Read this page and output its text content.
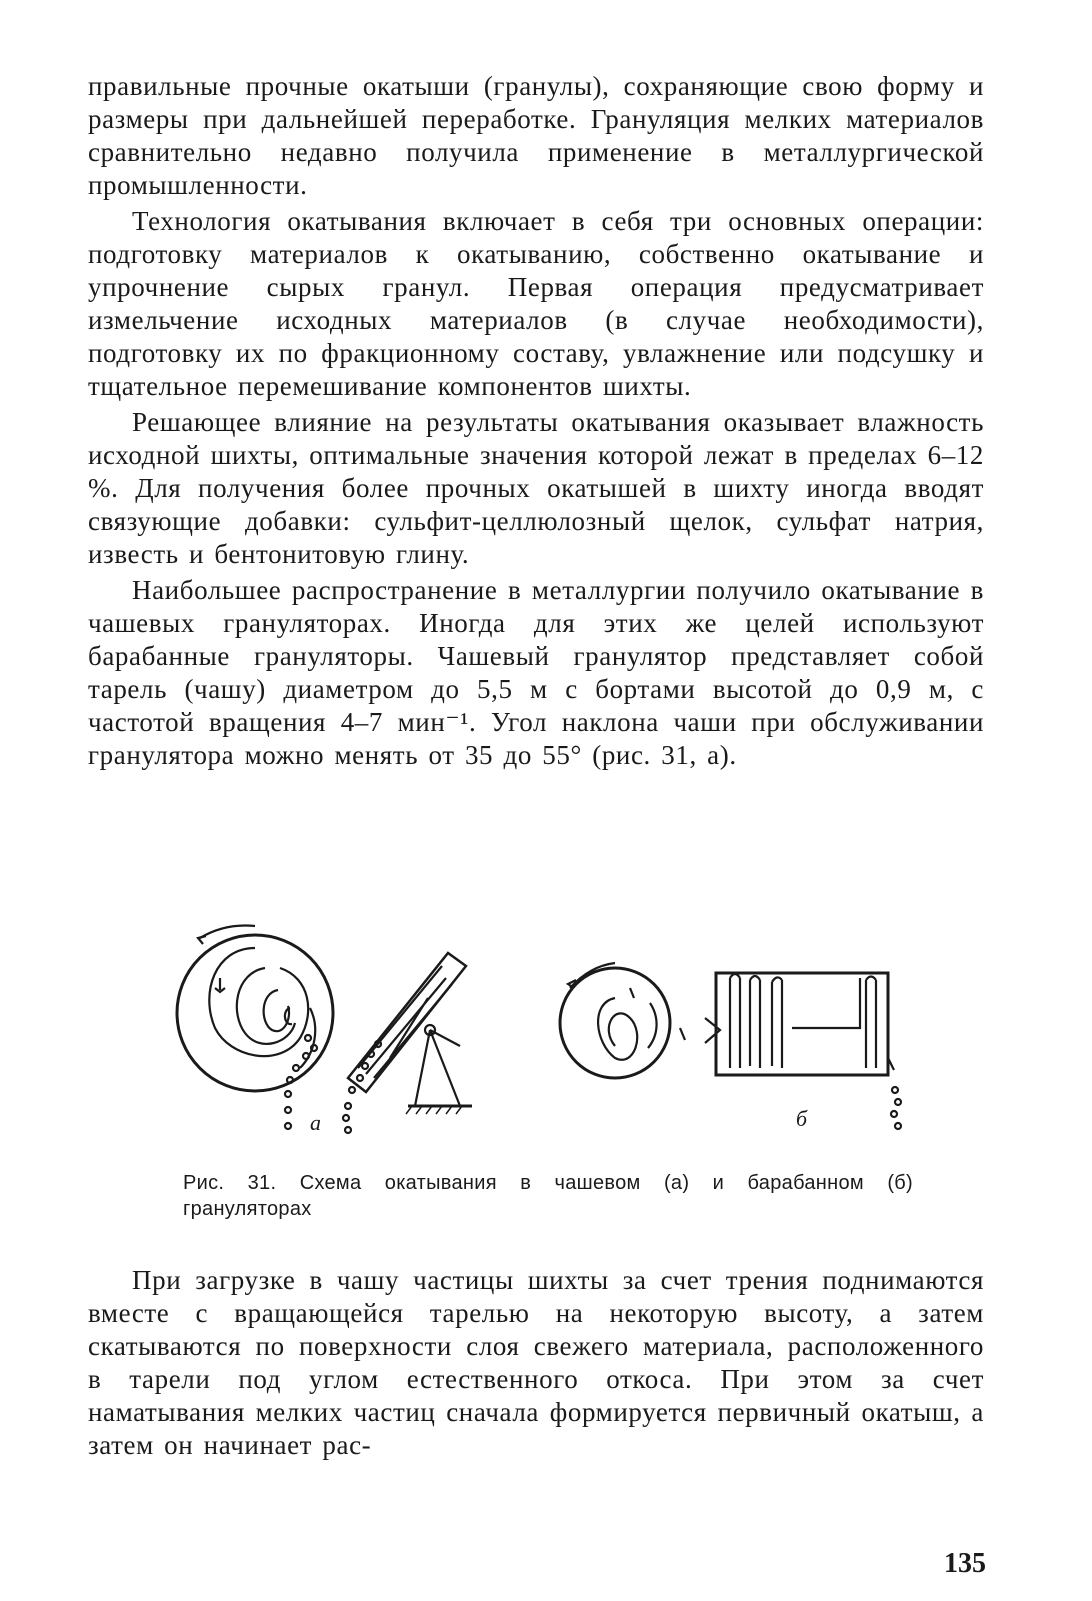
правильные прочные окатыши (гранулы), сохраняющие свою форму и размеры при дальнейшей переработке. Грануляция мелких материалов сравнительно недавно получила применение в металлургической промышленности.

Технология окатывания включает в себя три основных операции: подготовку материалов к окатыванию, собственно окатывание и упрочнение сырых гранул. Первая операция предусматривает измельчение исходных материалов (в случае необходимости), подготовку их по фракционному составу, увлажнение или подсушку и тщательное перемешивание компонентов шихты.

Решающее влияние на результаты окатывания оказывает влажность исходной шихты, оптимальные значения которой лежат в пределах 6–12 %. Для получения более прочных окатышей в шихту иногда вводят связующие добавки: сульфит-целлюлозный щелок, сульфат натрия, известь и бентонитовую глину.

Наибольшее распространение в металлургии получило окатывание в чашевых грануляторах. Иногда для этих же целей используют барабанные грануляторы. Чашевый гранулятор представляет собой тарель (чашу) диаметром до 5,5 м с бортами высотой до 0,9 м, с частотой вращения 4–7 мин⁻¹. Угол наклона чаши при обслуживании гранулятора можно менять от 35 до 55° (рис. 31, а).

а	б
Рис. 31. Схема окатывания в чашевом (а) и барабанном (б)
грануляторах

При загрузке в чашу частицы шихты за счет трения поднимаются вместе с вращающейся тарелью на некоторую высоту, а затем скатываются по поверхности слоя свежего материала, расположенного в тарели под углом естественного откоса. При этом за счет наматывания мелких частиц сначала формируется первичный окатыш, а затем он начинает рас-

135
